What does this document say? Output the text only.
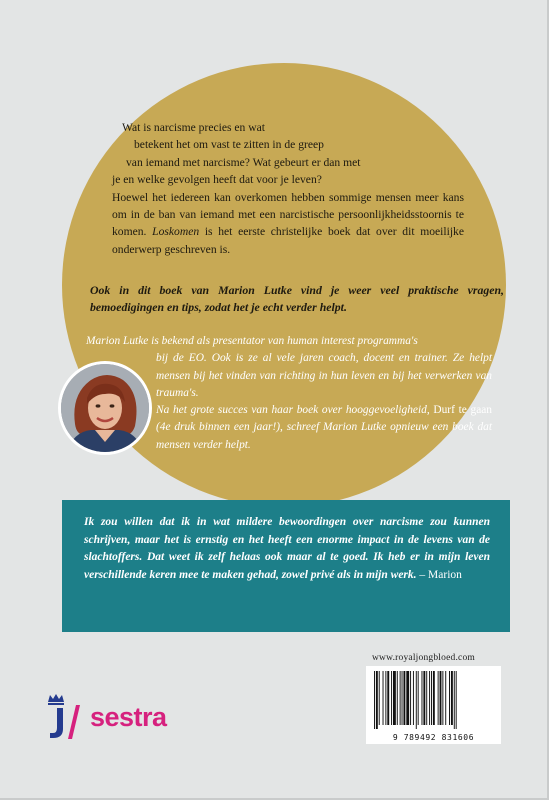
Wat is narcisme precies en wat
betekent het om vast te zitten in de greep
van iemand met narcisme? Wat gebeurt er dan met
je en welke gevolgen heeft dat voor je leven?
Hoewel het iedereen kan overkomen hebben sommige mensen meer kans om in de ban van iemand met een narcistische persoonlijkheidsstoornis te komen. Loskomen is het eerste christelijke boek dat over dit moeilijke onderwerp geschreven is.

Ook in dit boek van Marion Lutke vind je weer veel praktische vragen, bemoedigingen en tips, zodat het je echt verder helpt.

Marion Lutke is bekend als presentator van human interest programma's

bij de EO. Ook is ze al vele jaren coach, docent en trainer. Ze helpt mensen bij het vinden van richting in hun leven en bij het verwerken van trauma's.

Na het grote succes van haar boek over hooggevoeligheid, Durf te gaan (4e druk binnen een jaar!), schreef Marion Lutke opnieuw een boek dat mensen verder helpt.

Ik zou willen dat ik in wat mildere bewoordingen over narcisme zou kunnen schrijven, maar het is ernstig en het heeft een enorme impact in de levens van de slachtoffers. Dat weet ik zelf helaas ook maar al te goed. Ik heb er in mijn leven verschillende keren mee te maken gehad, zowel privé als in mijn werk. – Marion

www.royaljongbloed.com
9 789492 831606
sestra
